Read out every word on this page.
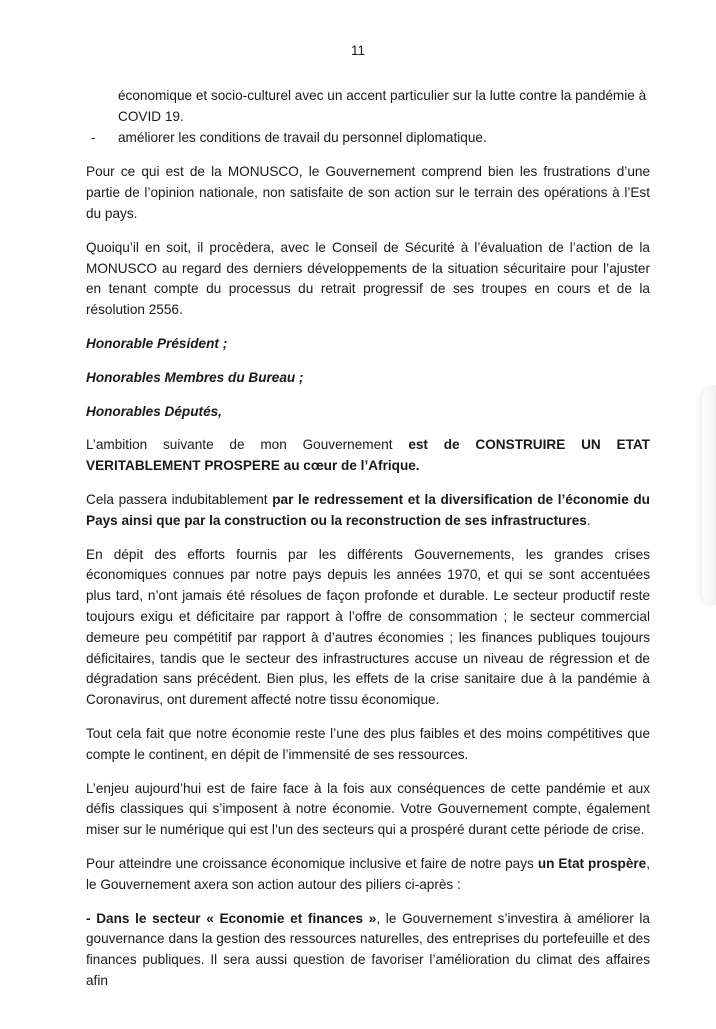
11

économique et socio-culturel avec un accent particulier sur la lutte contre la pandémie à COVID 19.

- améliorer les conditions de travail du personnel diplomatique.

Pour ce qui est de la MONUSCO, le Gouvernement comprend bien les frustrations d’une partie de l’opinion nationale, non satisfaite de son action sur le terrain des opérations à l’Est du pays.

Quoiqu’il en soit, il procèdera, avec le Conseil de Sécurité à l’évaluation de l’action de la MONUSCO au regard des derniers développements de la situation sécuritaire pour l’ajuster en tenant compte du processus du retrait progressif de ses troupes en cours et de la résolution 2556.

Honorable Président ;
Honorables Membres du Bureau ;
Honorables Députés,

L’ambition suivante de mon Gouvernement est de CONSTRUIRE UN ETAT VERITABLEMENT PROSPERE au cœur de l’Afrique.

Cela passera indubitablement par le redressement et la diversification de l’économie du Pays ainsi que par la construction ou la reconstruction de ses infrastructures.

En dépit des efforts fournis par les différents Gouvernements, les grandes crises économiques connues par notre pays depuis les années 1970, et qui se sont accentuées plus tard, n’ont jamais été résolues de façon profonde et durable. Le secteur productif reste toujours exigu et déficitaire par rapport à l’offre de consommation ; le secteur commercial demeure peu compétitif par rapport à d’autres économies ; les finances publiques toujours déficitaires, tandis que le secteur des infrastructures accuse un niveau de régression et de dégradation sans précédent. Bien plus, les effets de la crise sanitaire due à la pandémie à Coronavirus, ont durement affecté notre tissu économique.

Tout cela fait que notre économie reste l’une des plus faibles et des moins compétitives que compte le continent, en dépit de l’immensité de ses ressources.

L’enjeu aujourd’hui est de faire face à la fois aux conséquences de cette pandémie et aux défis classiques qui s’imposent à notre économie. Votre Gouvernement compte, également miser sur le numérique qui est l’un des secteurs qui a prospéré durant cette période de crise.

Pour atteindre une croissance économique inclusive et faire de notre pays un Etat prospère, le Gouvernement axera son action autour des piliers ci-après :

- Dans le secteur « Economie et finances », le Gouvernement s’investira à améliorer la gouvernance dans la gestion des ressources naturelles, des entreprises du portefeuille et des finances publiques. Il sera aussi question de favoriser l’amélioration du climat des affaires afin
